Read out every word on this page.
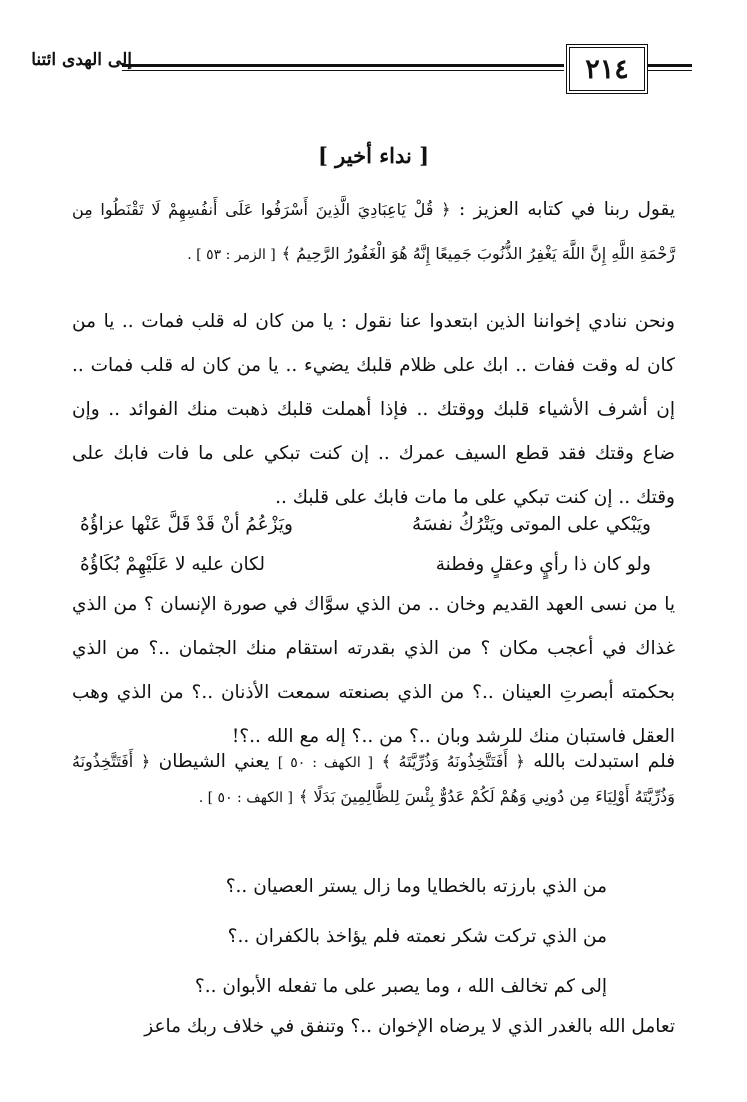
إلى الهدى ائتنا	٢١٤
[ نداء أخير ]

يقول ربنا في كتابه العزيز : ﴿ قُلْ يَاعِبَادِيَ الَّذِينَ أَسْرَفُوا عَلَى أَنفُسِهِمْ لَا تَقْنَطُوا مِن رَّحْمَةِ اللَّهِ إِنَّ اللَّهَ يَغْفِرُ الذُّنُوبَ جَمِيعًا إِنَّهُ هُوَ الْغَفُورُ الرَّحِيمُ ﴾ [ الزمر : ٥٣ ] .

ونحن ننادي إخواننا الذين ابتعدوا عنا نقول : يا من كان له قلب فمات .. يا من كان له وقت ففات .. ابك على ظلام قلبك يضيء .. يا من كان له قلب فمات .. إن أشرف الأشياء قلبك ووقتك .. فإذا أهملت قلبك ذهبت منك الفوائد .. وإن ضاع وقتك فقد قطع السيف عمرك .. إن كنت تبكي على ما فات فابك على وقتك .. إن كنت تبكي على ما مات فابك على قلبك ..

ويَبْكي على الموتى ويَتْرُكُ نفسَهُ
ويَزْعُمُ أنْ قَدْ قَلَّ عَنْها عزاؤُهُ
ولو كان ذا رأيٍ وعقلٍ وفطنة
لكان عليه لا عَلَيْهِمْ بُكَاؤُهُ

يا من نسى العهد القديم وخان .. من الذي سوَّاك في صورة الإنسان ؟ من الذي غذاك في أعجب مكان ؟ من الذي بقدرته استقام منك الجثمان ..؟ من الذي بحكمته أبصرتِ العينان ..؟ من الذي بصنعته سمعت الأذنان ..؟ من الذي وهب العقل فاستبان منك للرشد وبان ..؟ من ..؟ إله مع الله ..؟!

فلم استبدلت بالله ﴿ أَفَتَتَّخِذُونَهُ وَذُرِّيَّتَهُ ﴾ [ الكهف : ٥٠ ] يعني الشيطان ﴿ أَفَتَتَّخِذُونَهُ وَذُرِّيَّتَهُ أَوْلِيَاءَ مِن دُونِي وَهُمْ لَكُمْ عَدُوٌّ بِئْسَ لِلظَّالِمِينَ بَدَلًا ﴾ [ الكهف : ٥٠ ] .

من الذي بارزته بالخطايا وما زال يستر العصيان ..؟
من الذي تركت شكر نعمته فلم يؤاخذ بالكفران ..؟
إلى كم تخالف الله ، وما يصبر على ما تفعله الأبوان ..؟

تعامل الله بالغدر الذي لا يرضاه الإخوان ..؟ وتنفق في خلاف ربك ماعز
